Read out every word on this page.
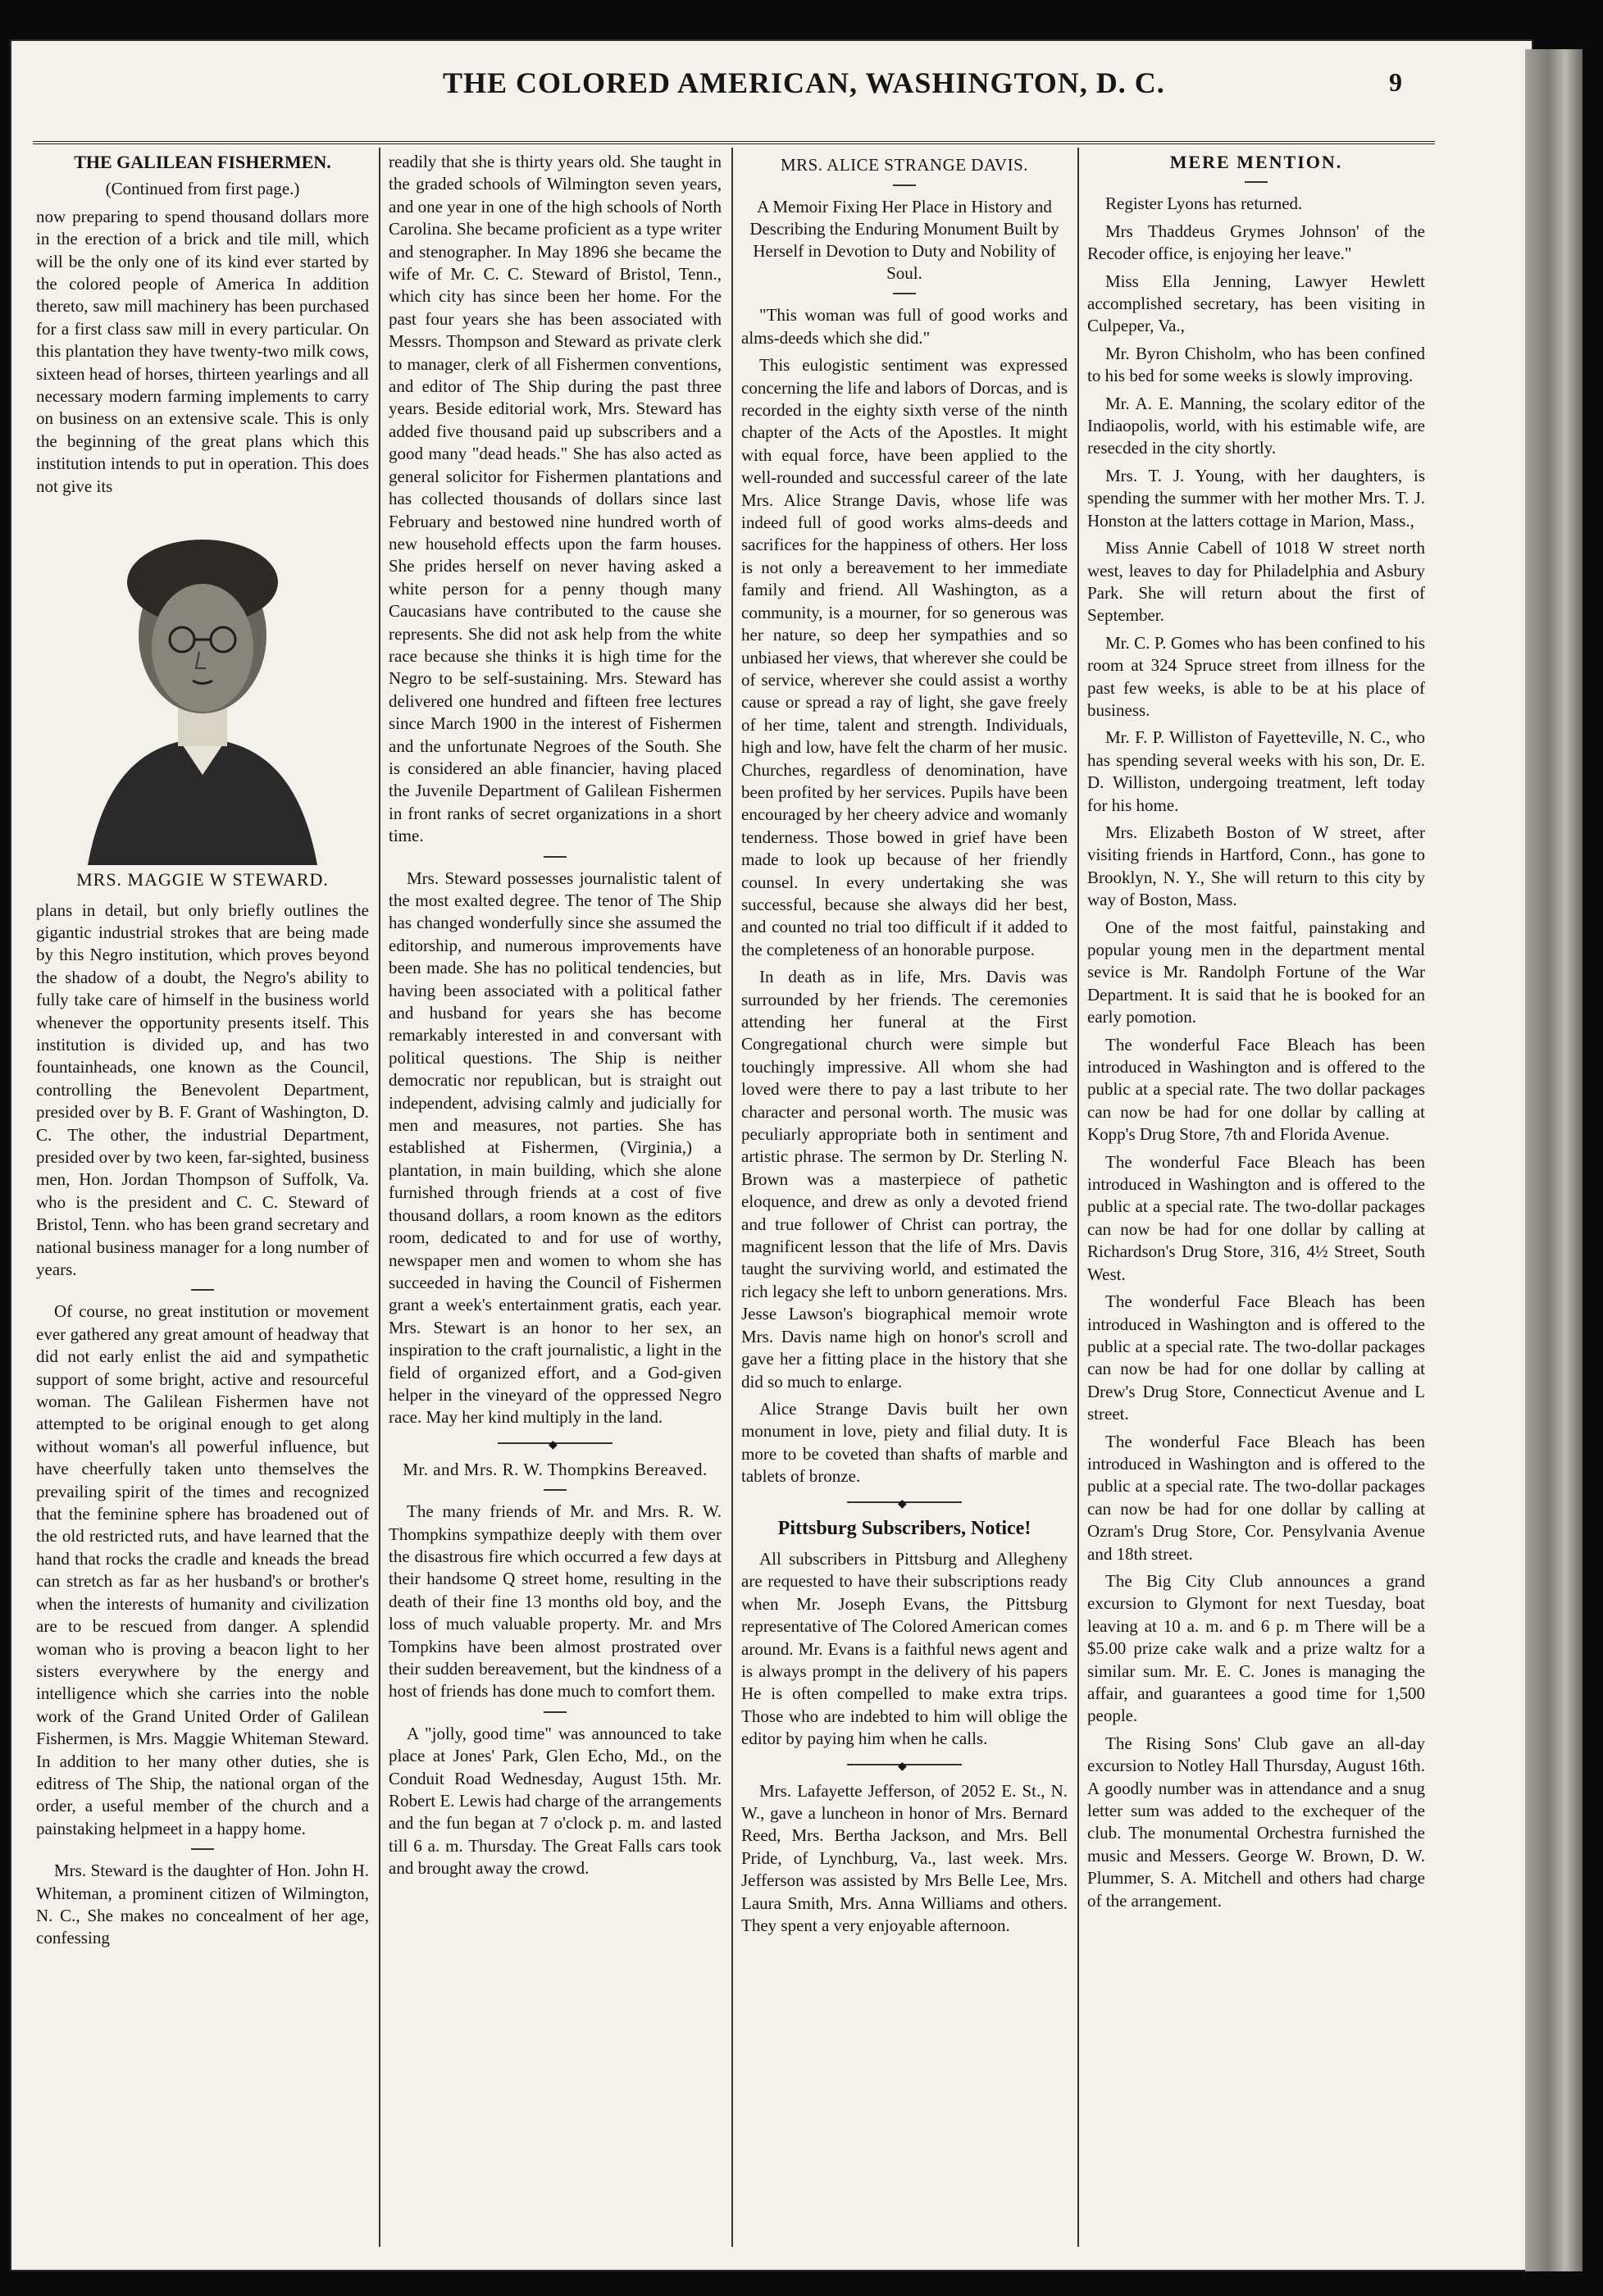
THE COLORED AMERICAN, WASHINGTON, D. C.	9
THE GALILEAN FISHERMEN.
(Continued from first page.)

now preparing to spend thousand dollars more in the erection of a brick and tile mill, which will be the only one of its kind ever started by the colored people of America In addition thereto, saw mill machinery has been purchased for a first class saw mill in every particular. On this plantation they have twenty-two milk cows, sixteen head of horses, thirteen yearlings and all necessary modern farming implements to carry on business on an extensive scale. This is only the beginning of the great plans which this institution intends to put in operation. This does not give its

MRS. MAGGIE W STEWARD.

plans in detail, but only briefly outlines the gigantic industrial strokes that are being made by this Negro institution, which proves beyond the shadow of a doubt, the Negro's ability to fully take care of himself in the business world whenever the opportunity presents itself. This institution is divided up, and has two fountainheads, one known as the Council, controlling the Benevolent Department, presided over by B. F. Grant of Washington, D. C. The other, the industrial Department, presided over by two keen, far-sighted, business men, Hon. Jordan Thompson of Suffolk, Va. who is the president and C. C. Steward of Bristol, Tenn. who has been grand secretary and national business manager for a long number of years.

Of course, no great institution or movement ever gathered any great amount of headway that did not early enlist the aid and sympathetic support of some bright, active and resourceful woman. The Galilean Fishermen have not attempted to be original enough to get along without woman's all powerful influence, but have cheerfully taken unto themselves the prevailing spirit of the times and recognized that the feminine sphere has broadened out of the old restricted ruts, and have learned that the hand that rocks the cradle and kneads the bread can stretch as far as her husband's or brother's when the interests of humanity and civilization are to be rescued from danger. A splendid woman who is proving a beacon light to her sisters everywhere by the energy and intelligence which she carries into the noble work of the Grand United Order of Galilean Fishermen, is Mrs. Maggie Whiteman Steward. In addition to her many other duties, she is editress of The Ship, the national organ of the order, a useful member of the church and a painstaking helpmeet in a happy home.

Mrs. Steward is the daughter of Hon. John H. Whiteman, a prominent citizen of Wilmington, N. C., She makes no concealment of her age, confessing

readily that she is thirty years old. She taught in the graded schools of Wilmington seven years, and one year in one of the high schools of North Carolina. She became proficient as a type writer and stenographer. In May 1896 she became the wife of Mr. C. C. Steward of Bristol, Tenn., which city has since been her home. For the past four years she has been associated with Messrs. Thompson and Steward as private clerk to manager, clerk of all Fishermen conventions, and editor of The Ship during the past three years. Beside editorial work, Mrs. Steward has added five thousand paid up subscribers and a good many "dead heads." She has also acted as general solicitor for Fishermen plantations and has collected thousands of dollars since last February and bestowed nine hundred worth of new household effects upon the farm houses. She prides herself on never having asked a white person for a penny though many Caucasians have contributed to the cause she represents. She did not ask help from the white race because she thinks it is high time for the Negro to be self-sustaining. Mrs. Steward has delivered one hundred and fifteen free lectures since March 1900 in the interest of Fishermen and the unfortunate Negroes of the South. She is considered an able financier, having placed the Juvenile Department of Galilean Fishermen in front ranks of secret organizations in a short time.

Mrs. Steward possesses journalistic talent of the most exalted degree. The tenor of The Ship has changed wonderfully since she assumed the editorship, and numerous improvements have been made. She has no political tendencies, but having been associated with a political father and husband for years she has become remarkably interested in and conversant with political questions. The Ship is neither democratic nor republican, but is straight out independent, advising calmly and judicially for men and measures, not parties. She has established at Fishermen, (Virginia,) a plantation, in main building, which she alone furnished through friends at a cost of five thousand dollars, a room known as the editors room, dedicated to and for use of worthy, newspaper men and women to whom she has succeeded in having the Council of Fishermen grant a week's entertainment gratis, each year. Mrs. Stewart is an honor to her sex, an inspiration to the craft journalistic, a light in the field of organized effort, and a God-given helper in the vineyard of the oppressed Negro race. May her kind multiply in the land.

◆
Mr. and Mrs. R. W. Thompkins Bereaved.

The many friends of Mr. and Mrs. R. W. Thompkins sympathize deeply with them over the disastrous fire which occurred a few days at their handsome Q street home, resulting in the death of their fine 13 months old boy, and the loss of much valuable property. Mr. and Mrs Tompkins have been almost prostrated over their sudden bereavement, but the kindness of a host of friends has done much to comfort them.

A "jolly, good time" was announced to take place at Jones' Park, Glen Echo, Md., on the Conduit Road Wednesday, August 15th. Mr. Robert E. Lewis had charge of the arrangements and the fun began at 7 o'clock p. m. and lasted till 6 a. m. Thursday. The Great Falls cars took and brought away the crowd.

MRS. ALICE STRANGE DAVIS.
A Memoir Fixing Her Place in History and Describing the Enduring Monument Built by Herself in Devotion to Duty and Nobility of Soul.

"This woman was full of good works and alms-deeds which she did."

This eulogistic sentiment was expressed concerning the life and labors of Dorcas, and is recorded in the eighty sixth verse of the ninth chapter of the Acts of the Apostles. It might with equal force, have been applied to the well-rounded and successful career of the late Mrs. Alice Strange Davis, whose life was indeed full of good works alms-deeds and sacrifices for the happiness of others. Her loss is not only a bereavement to her immediate family and friend. All Washington, as a community, is a mourner, for so generous was her nature, so deep her sympathies and so unbiased her views, that wherever she could be of service, wherever she could assist a worthy cause or spread a ray of light, she gave freely of her time, talent and strength. Individuals, high and low, have felt the charm of her music. Churches, regardless of denomination, have been profited by her services. Pupils have been encouraged by her cheery advice and womanly tenderness. Those bowed in grief have been made to look up because of her friendly counsel. In every undertaking she was successful, because she always did her best, and counted no trial too difficult if it added to the completeness of an honorable purpose.

In death as in life, Mrs. Davis was surrounded by her friends. The ceremonies attending her funeral at the First Congregational church were simple but touchingly impressive. All whom she had loved were there to pay a last tribute to her character and personal worth. The music was peculiarly appropriate both in sentiment and artistic phrase. The sermon by Dr. Sterling N. Brown was a masterpiece of pathetic eloquence, and drew as only a devoted friend and true follower of Christ can portray, the magnificent lesson that the life of Mrs. Davis taught the surviving world, and estimated the rich legacy she left to unborn generations. Mrs. Jesse Lawson's biographical memoir wrote Mrs. Davis name high on honor's scroll and gave her a fitting place in the history that she did so much to enlarge.

Alice Strange Davis built her own monument in love, piety and filial duty. It is more to be coveted than shafts of marble and tablets of bronze.

◆
Pittsburg Subscribers, Notice!

All subscribers in Pittsburg and Allegheny are requested to have their subscriptions ready when Mr. Joseph Evans, the Pittsburg representative of The Colored American comes around. Mr. Evans is a faithful news agent and is always prompt in the delivery of his papers He is often compelled to make extra trips. Those who are indebted to him will oblige the editor by paying him when he calls.

◆

Mrs. Lafayette Jefferson, of 2052 E. St., N. W., gave a luncheon in honor of Mrs. Bernard Reed, Mrs. Bertha Jackson, and Mrs. Bell Pride, of Lynchburg, Va., last week. Mrs. Jefferson was assisted by Mrs Belle Lee, Mrs. Laura Smith, Mrs. Anna Williams and others. They spent a very enjoyable afternoon.

MERE MENTION.

Register Lyons has returned.

Mrs Thaddeus Grymes Johnson' of the Recoder office, is enjoying her leave."

Miss Ella Jenning, Lawyer Hewlett accomplished secretary, has been visiting in Culpeper, Va.,

Mr. Byron Chisholm, who has been confined to his bed for some weeks is slowly improving.

Mr. A. E. Manning, the scolary editor of the Indiaopolis, world, with his estimable wife, are resecded in the city shortly.

Mrs. T. J. Young, with her daughters, is spending the summer with her mother Mrs. T. J. Honston at the latters cottage in Marion, Mass.,

Miss Annie Cabell of 1018 W street north west, leaves to day for Philadelphia and Asbury Park. She will return about the first of September.

Mr. C. P. Gomes who has been confined to his room at 324 Spruce street from illness for the past few weeks, is able to be at his place of business.

Mr. F. P. Williston of Fayetteville, N. C., who has spending several weeks with his son, Dr. E. D. Williston, undergoing treatment, left today for his home.

Mrs. Elizabeth Boston of W street, after visiting friends in Hartford, Conn., has gone to Brooklyn, N. Y., She will return to this city by way of Boston, Mass.

One of the most faitful, painstaking and popular young men in the department mental sevice is Mr. Randolph Fortune of the War Department. It is said that he is booked for an early pomotion.

The wonderful Face Bleach has been introduced in Washington and is offered to the public at a special rate. The two dollar packages can now be had for one dollar by calling at Kopp's Drug Store, 7th and Florida Avenue.

The wonderful Face Bleach has been introduced in Washington and is offered to the public at a special rate. The two-dollar packages can now be had for one dollar by calling at Richardson's Drug Store, 316, 4½ Street, South West.

The wonderful Face Bleach has been introduced in Washington and is offered to the public at a special rate. The two-dollar packages can now be had for one dollar by calling at Drew's Drug Store, Connecticut Avenue and L street.

The wonderful Face Bleach has been introduced in Washington and is offered to the public at a special rate. The two-dollar packages can now be had for one dollar by calling at Ozram's Drug Store, Cor. Pensylvania Avenue and 18th street.

The Big City Club announces a grand excursion to Glymont for next Tuesday, boat leaving at 10 a. m. and 6 p. m There will be a $5.00 prize cake walk and a prize waltz for a similar sum. Mr. E. C. Jones is managing the affair, and guarantees a good time for 1,500 people.

The Rising Sons' Club gave an all-day excursion to Notley Hall Thursday, August 16th. A goodly number was in attendance and a snug letter sum was added to the exchequer of the club. The monumental Orchestra furnished the music and Messers. George W. Brown, D. W. Plummer, S. A. Mitchell and others had charge of the arrangement.
